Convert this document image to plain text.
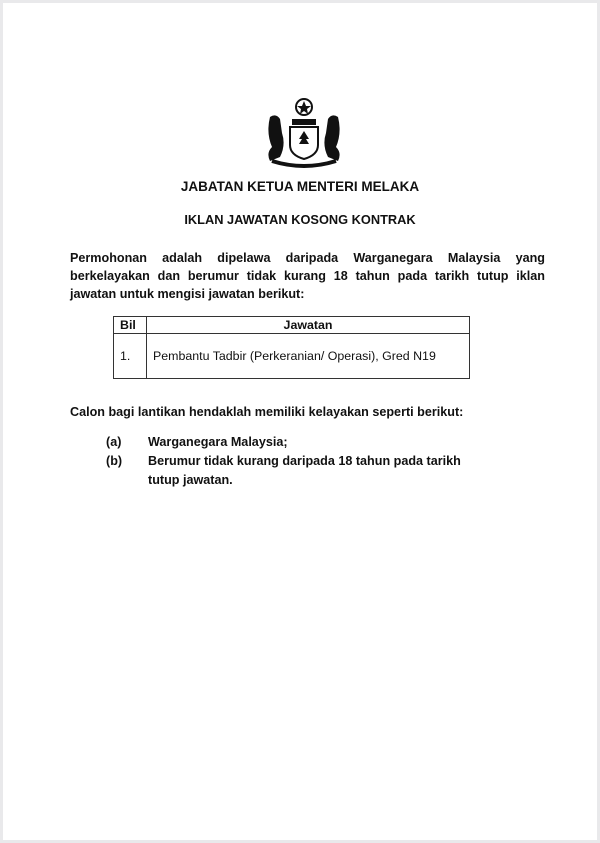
JABATAN KETUA MENTERI MELAKA
IKLAN JAWATAN KOSONG KONTRAK
Permohonan adalah dipelawa daripada Warganegara Malaysia yang berkelayakan dan berumur tidak kurang 18 tahun pada tarikh tutup iklan jawatan untuk mengisi jawatan berikut:
Bil	Jawatan
1.	Pembantu Tadbir (Perkeranian/ Operasi), Gred N19
Calon bagi lantikan hendaklah memiliki kelayakan seperti berikut:
(a) Warganegara Malaysia;
(b) Berumur tidak kurang daripada 18 tahun pada tarikh tutup jawatan.
